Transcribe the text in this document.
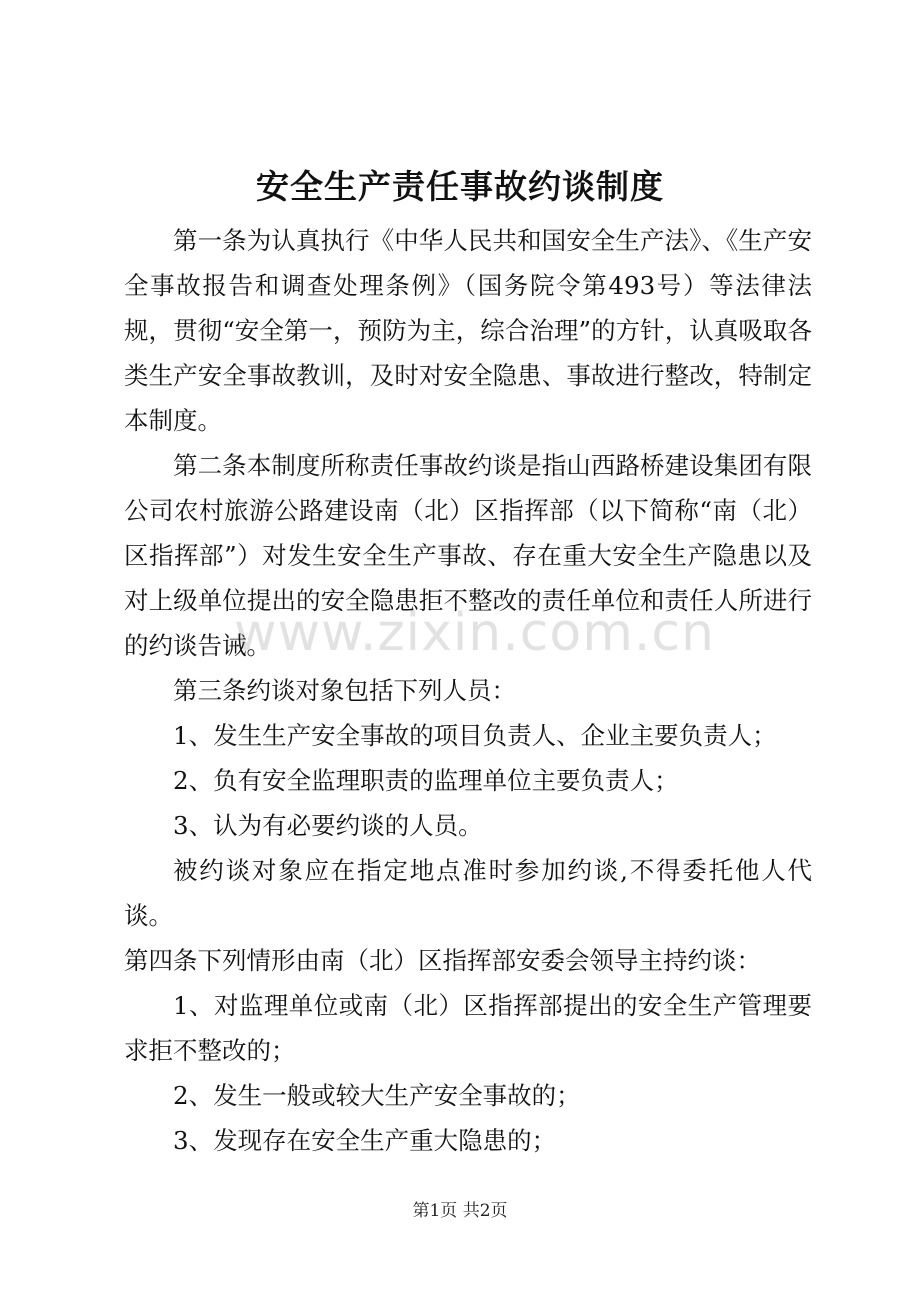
安全生产责任事故约谈制度

第一条为认真执行《中华人民共和国安全生产法》、《生产安全事故报告和调查处理条例》（国务院令第493号）等法律法规，贯彻“安全第一，预防为主，综合治理”的方针，认真吸取各类生产安全事故教训，及时对安全隐患、事故进行整改，特制定本制度。

第二条本制度所称责任事故约谈是指山西路桥建设集团有限公司农村旅游公路建设南（北）区指挥部（以下简称“南（北）区指挥部”）对发生安全生产事故、存在重大安全生产隐患以及对上级单位提出的安全隐患拒不整改的责任单位和责任人所进行的约谈告诫。

第三条约谈对象包括下列人员：

1、发生生产安全事故的项目负责人、企业主要负责人；

2、负有安全监理职责的监理单位主要负责人；

3、认为有必要约谈的人员。

被约谈对象应在指定地点准时参加约谈,不得委托他人代谈。

第四条下列情形由南（北）区指挥部安委会领导主持约谈：

1、对监理单位或南（北）区指挥部提出的安全生产管理要求拒不整改的；

2、发生一般或较大生产安全事故的；

3、发现存在安全生产重大隐患的；

www.zixin.com.cn
第1页 共2页
